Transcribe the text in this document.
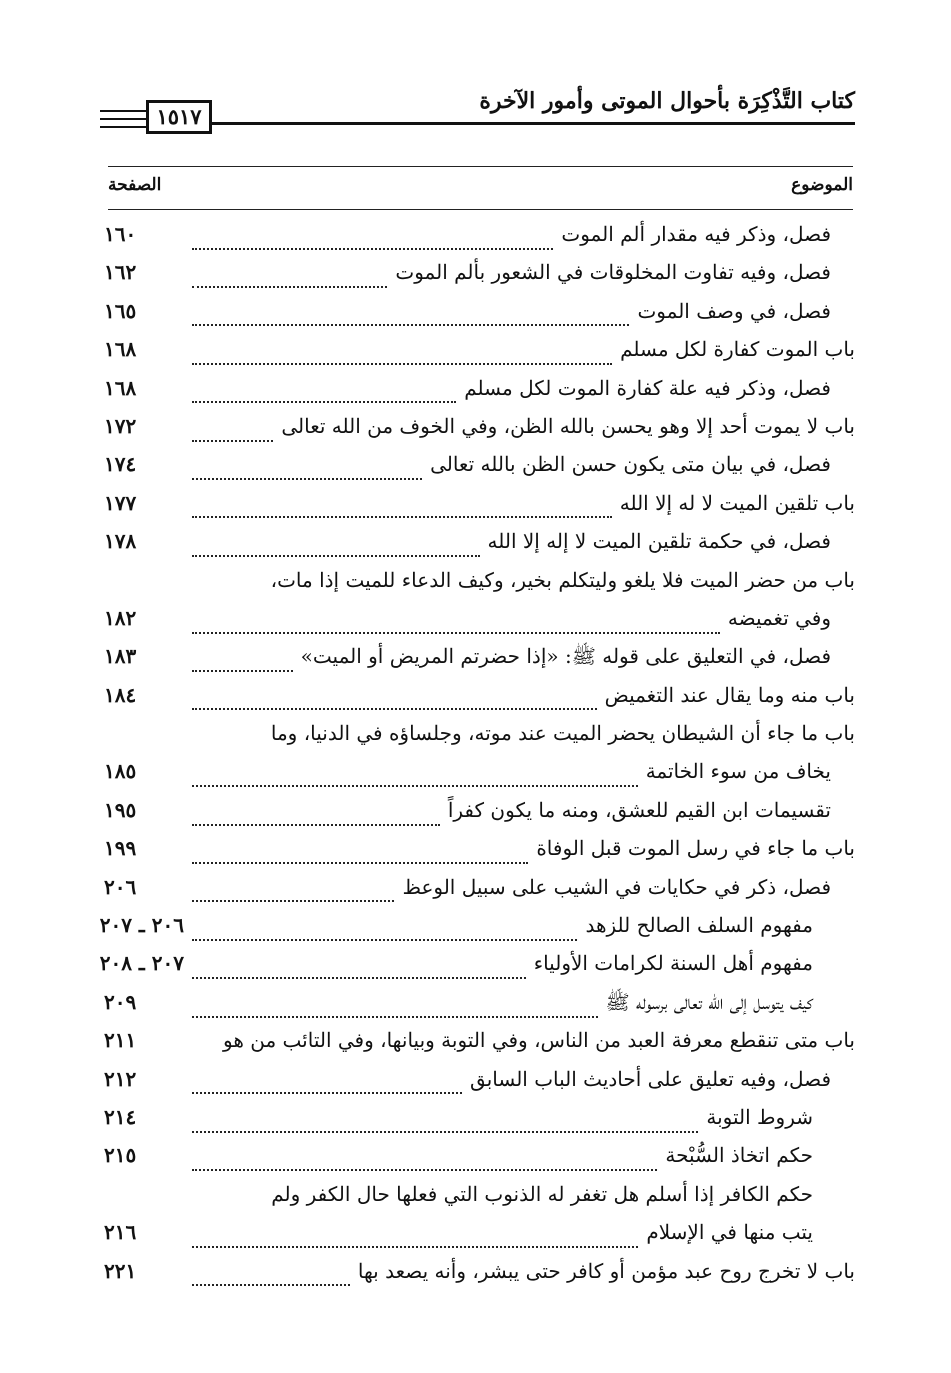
كتاب التَّذْكِرَة بأحوال الموتى وأمور الآخرة
١٥١٧
الموضوع
الصفحة
فصل، وذكر فيه مقدار ألم الموت
١٦٠
فصل، وفيه تفاوت المخلوقات في الشعور بألم الموت
١٦٢
فصل، في وصف الموت
١٦٥
باب الموت كفارة لكل مسلم
١٦٨
فصل، وذكر فيه علة كفارة الموت لكل مسلم
١٦٨
باب لا يموت أحد إلا وهو يحسن بالله الظن، وفي الخوف من الله تعالى
١٧٢
فصل، في بيان متى يكون حسن الظن بالله تعالى
١٧٤
باب تلقين الميت لا له إلا الله
١٧٧
فصل، في حكمة تلقين الميت لا إله إلا الله
١٧٨
باب من حضر الميت فلا يلغو وليتكلم بخير، وكيف الدعاء للميت إذا مات،
وفي تغميضه
١٨٢
فصل، في التعليق على قوله ﷺ: «إذا حضرتم المريض أو الميت»
١٨٣
باب منه وما يقال عند التغميض
١٨٤
باب ما جاء أن الشيطان يحضر الميت عند موته، وجلساؤه في الدنيا، وما
يخاف من سوء الخاتمة
١٨٥
تقسيمات ابن القيم للعشق، ومنه ما يكون كفراً
١٩٥
باب ما جاء في رسل الموت قبل الوفاة
١٩٩
فصل، ذكر في حكايات في الشيب على سبيل الوعظ
٢٠٦
مفهوم السلف الصالح للزهد
٢٠٦ ـ ٢٠٧
مفهوم أهل السنة لكرامات الأولياء
٢٠٧ ـ ٢٠٨
كيف يتوسل إلى الله تعالى برسوله ﷺ
٢٠٩
باب متى تنقطع معرفة العبد من الناس، وفي التوبة وبيانها، وفي التائب من هو
٢١١
فصل، وفيه تعليق على أحاديث الباب السابق
٢١٢
شروط التوبة
٢١٤
حكم اتخاذ السُّبْحة
٢١٥
حكم الكافر إذا أسلم هل تغفر له الذنوب التي فعلها حال الكفر ولم
يتب منها في الإسلام
٢١٦
باب لا تخرج روح عبد مؤمن أو كافر حتى يبشر، وأنه يصعد بها
٢٢١
